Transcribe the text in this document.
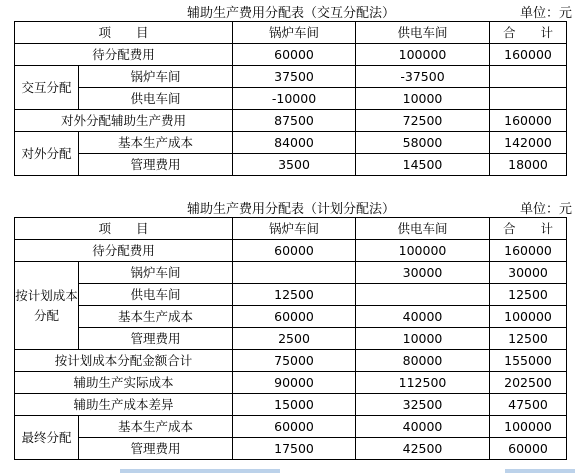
辅助生产费用分配表（交互分配法）	单位：元
项　　目		锅炉车间	供电车间	合　　计
待分配费用		60000	100000	160000
交互分配	锅炉车间	37500	-37500	
	供电车间	-10000	10000	
对外分配辅助生产费用		87500	72500	160000
对外分配	基本生产成本	84000	58000	142000
	管理费用	3500	14500	18000
辅助生产费用分配表（计划分配法）	单位：元
项　　目		锅炉车间	供电车间	合　　计
待分配费用		60000	100000	160000
按计划成本分配	锅炉车间		30000	30000
	供电车间	12500		12500
	基本生产成本	60000	40000	100000
	管理费用	2500	10000	12500
按计划成本分配金额合计		75000	80000	155000
辅助生产实际成本		90000	112500	202500
辅助生产成本差异		15000	32500	47500
最终分配	基本生产成本	60000	40000	100000
	管理费用	17500	42500	60000
